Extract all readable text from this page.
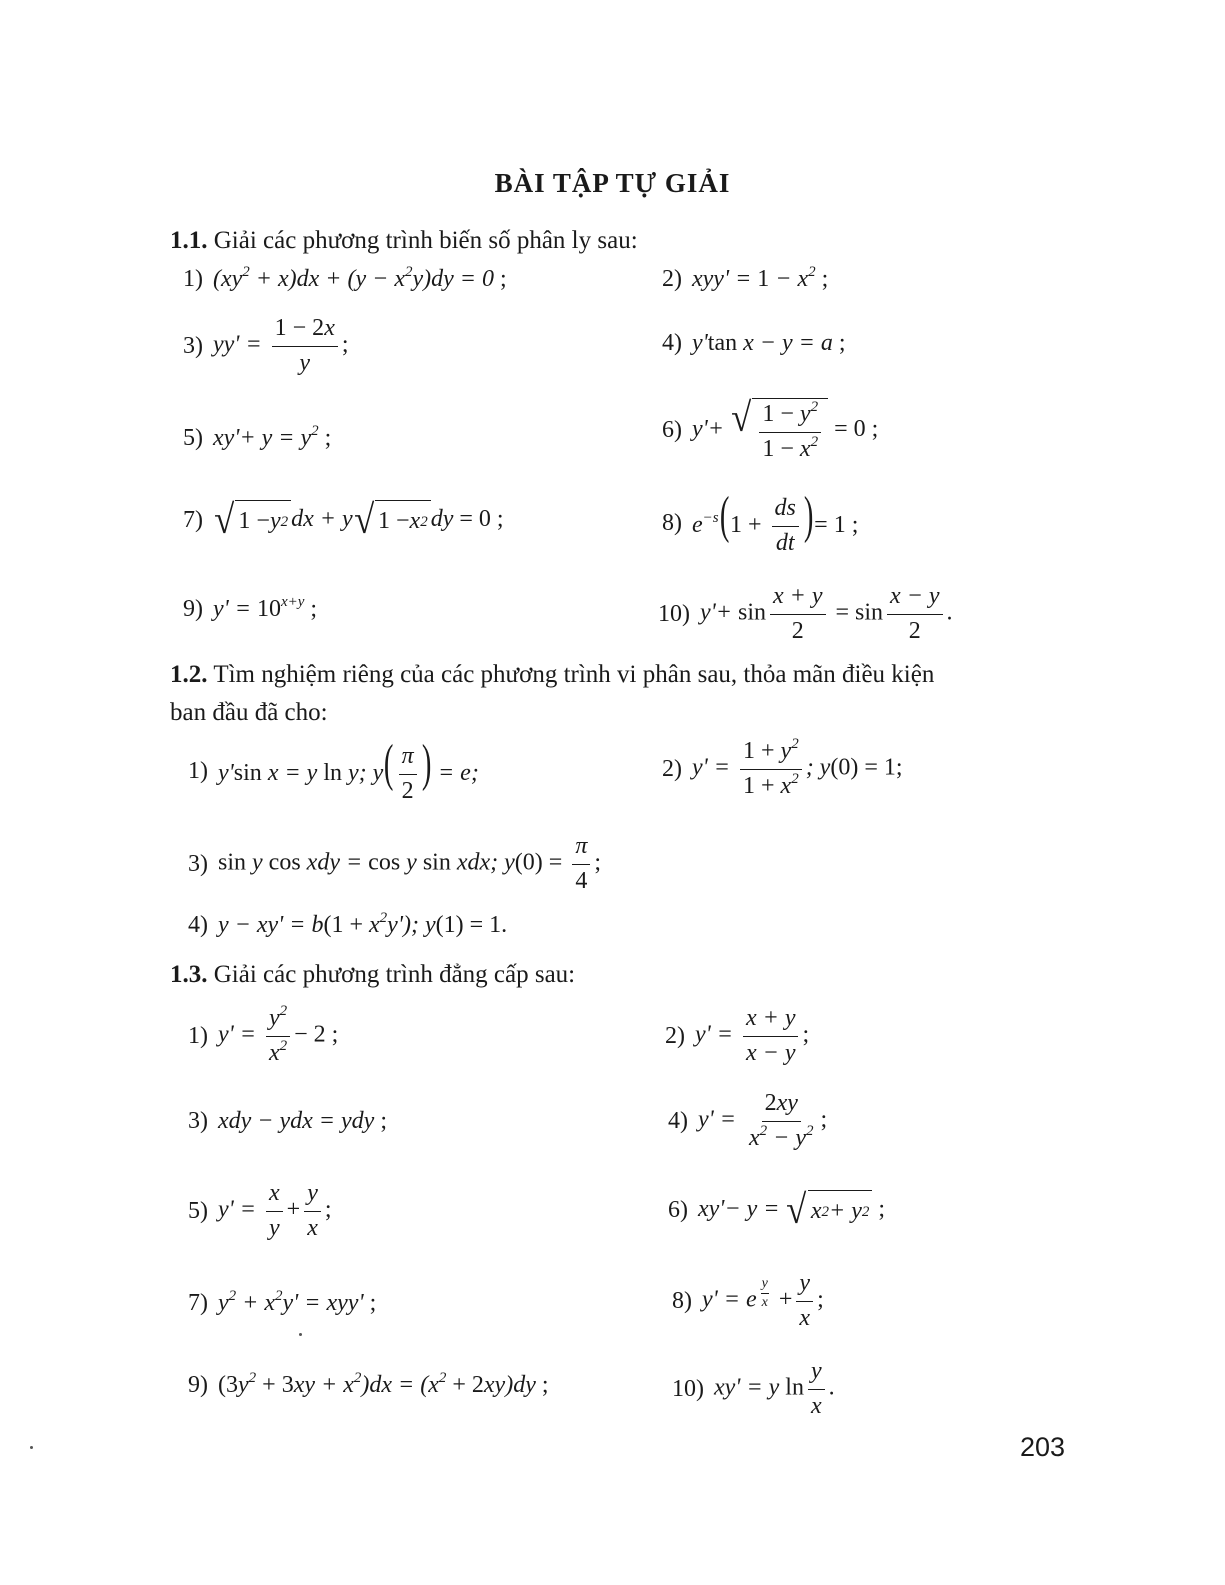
BÀI TẬP TỰ GIẢI
1.1. Giải các phương trình biến số phân ly sau:
1) $(xy^2 + x)dx + (y - x^2y)dy = 0$ ;	2) $xyy' = 1 - x^2$ ;
3) $yy' = \frac{1 - 2x}{y}$ ;	4) y'tan x − y = a ;
5) $xy'+ y = y^2$ ;	6) y'+ √ $\frac{1 - y^2}{1 - x^2} = 0$ ;
7) √ 1 − y 2 dx + y √ 1 − x 2 dy = 0 ;	8) $e^{-s}(1 + \frac{ds}{dt}$ )= 1 ;
9) $y' = 10^{x+y}$ ;	10) $y'+ \sin \frac{x + y}{2} = \sin \frac{x - y}{2}$ .
1.2. Tìm nghiệm riêng của các phương trình vi phân sau, thỏa mãn điều kiện
ban đầu đã cho:
1) y'sin x = y ln y; $y( \frac{\pi}{2}$ ) = e;	2) $y' = \frac{1 + y^2}{1 + x^2}$ ; y(0) = 1;
3) sin y cos xdy = cos y sin xdx; $y(0) = \frac{\pi}{4}$ ;
4) $y - xy' = b(1 + x^2y')$; y(1) = 1.
1.3. Giải các phương trình đẳng cấp sau:
1) $y' = \frac{y^2}{x^2} - 2$ ;	2) $y' = \frac{x + y}{x - y}$ ;
3) xdy − ydx = ydy ;	4) $y' = \frac{2xy}{x^2 - y^2}$ ;
5) $y' = \frac{x}{y} + \frac{y}{x}$ ;	6) xy'− y = √ x 2 + y 2 ;
7) $y^2 + x^2y' = xyy'$ ;	8) y' = e $^{\frac{y}{x}} + \frac{y}{x}$ ;
9) $(3y^2 + 3xy + x^2)dx = (x^2 + 2xy)dy$ ;	10) xy' = y $\ln \frac{y}{x}$ .
203
